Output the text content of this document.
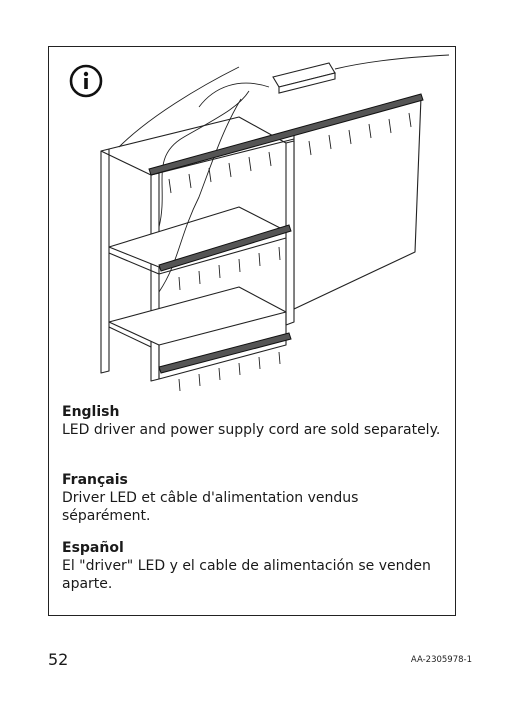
English

LED driver and power supply cord are sold separately.

Français

Driver LED et câble d'alimentation vendus séparément.

Español

El "driver" LED y el cable de alimentación se venden aparte.

52	AA-2305978-1
